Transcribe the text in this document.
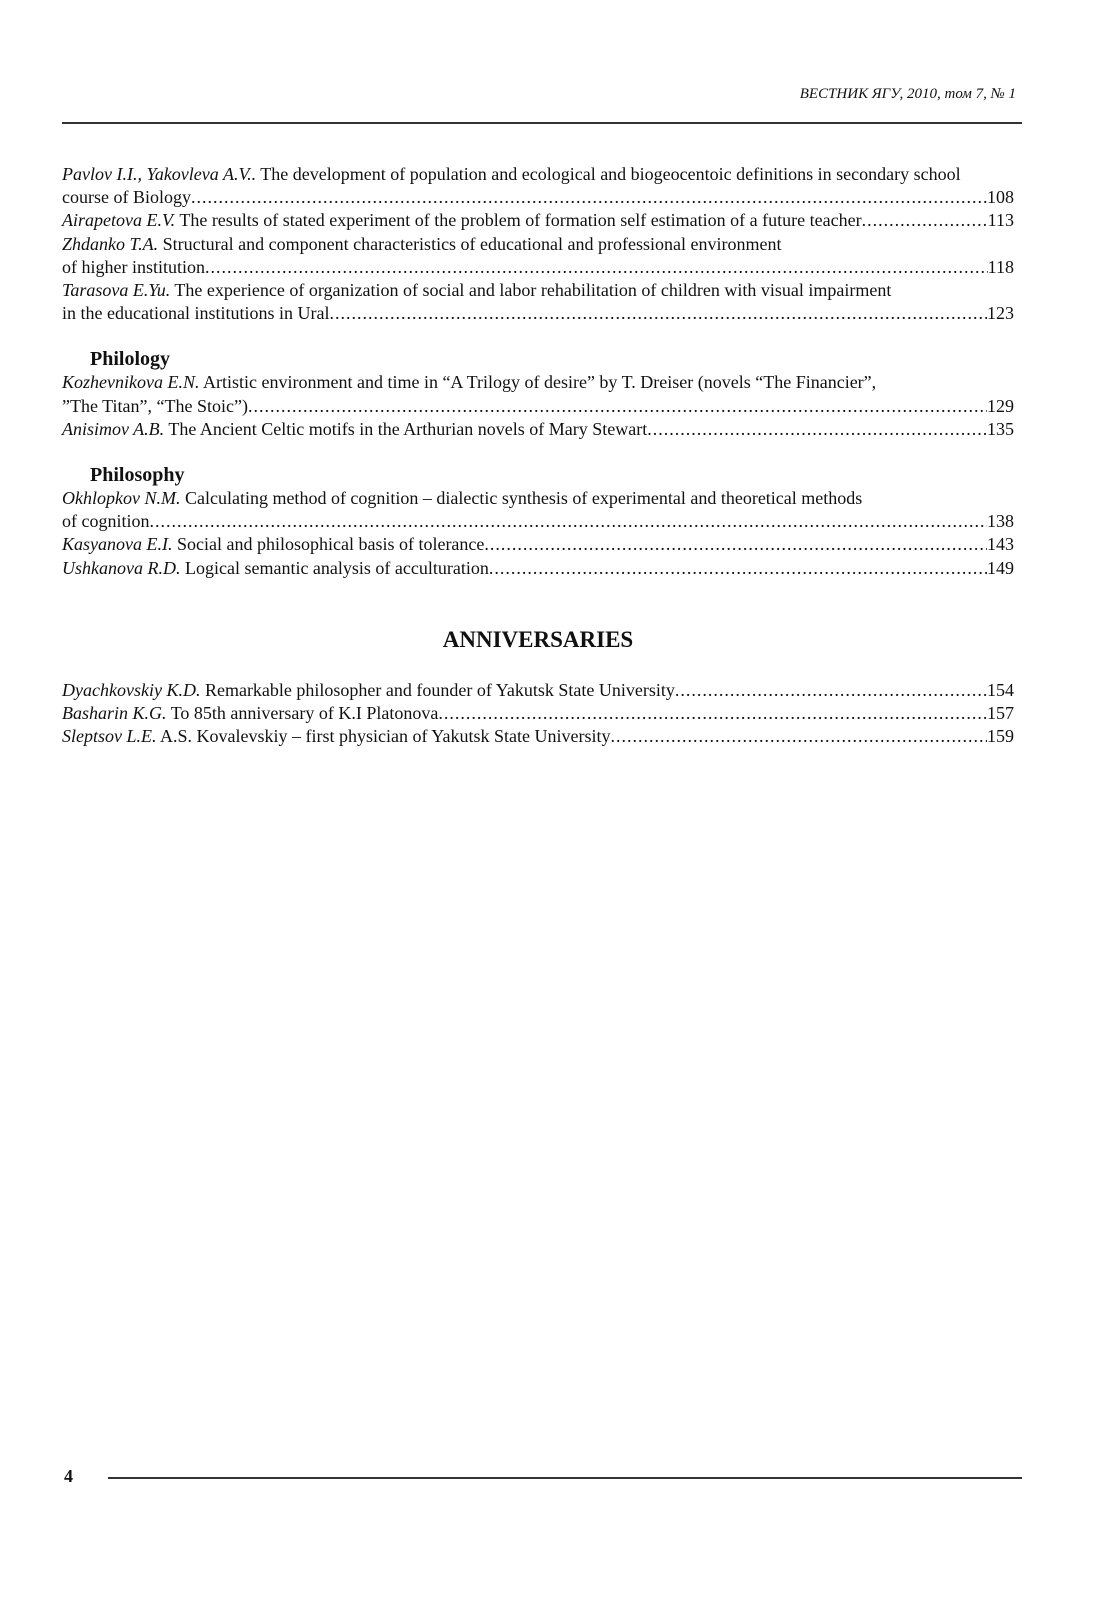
ВЕСТНИК ЯГУ, 2010, том 7, № 1
Pavlov I.I., Yakovleva A.V.. The development of population and ecological and biogeocentoic definitions in secondary school
course of Biology .....	108
Airapetova E.V. The results of stated experiment of the problem of formation self estimation of a future teacher .....	113
Zhdanko T.A. Structural and component characteristics of educational and professional environment
of higher institution .....	118
Tarasova E.Yu. The experience of organization of social and labor rehabilitation of children with visual impairment
in the educational institutions in Ural .....	123
Philology
Kozhevnikova E.N. Artistic environment and time in “A Trilogy of desire” by T. Dreiser (novels “The Financier”,
”The Titan”, “The Stoic”) .....	129
Anisimov A.B. The Ancient Celtic motifs in the Arthurian novels of Mary Stewart .....	135
Philosophy
Okhlopkov N.M. Calculating method of cognition – dialectic synthesis of experimental and theoretical methods
of cognition .....	138
Kasyanova E.I. Social and philosophical basis of tolerance .....	143
Ushkanova R.D. Logical semantic analysis of acculturation .....	149
ANNIVERSARIES
Dyachkovskiy K.D. Remarkable philosopher and founder of Yakutsk State University .....	154
Basharin K.G. To 85th anniversary of K.I Platonova .....	157
Sleptsov L.E. A.S. Kovalevskiy – first physician of Yakutsk State University .....	159
4
